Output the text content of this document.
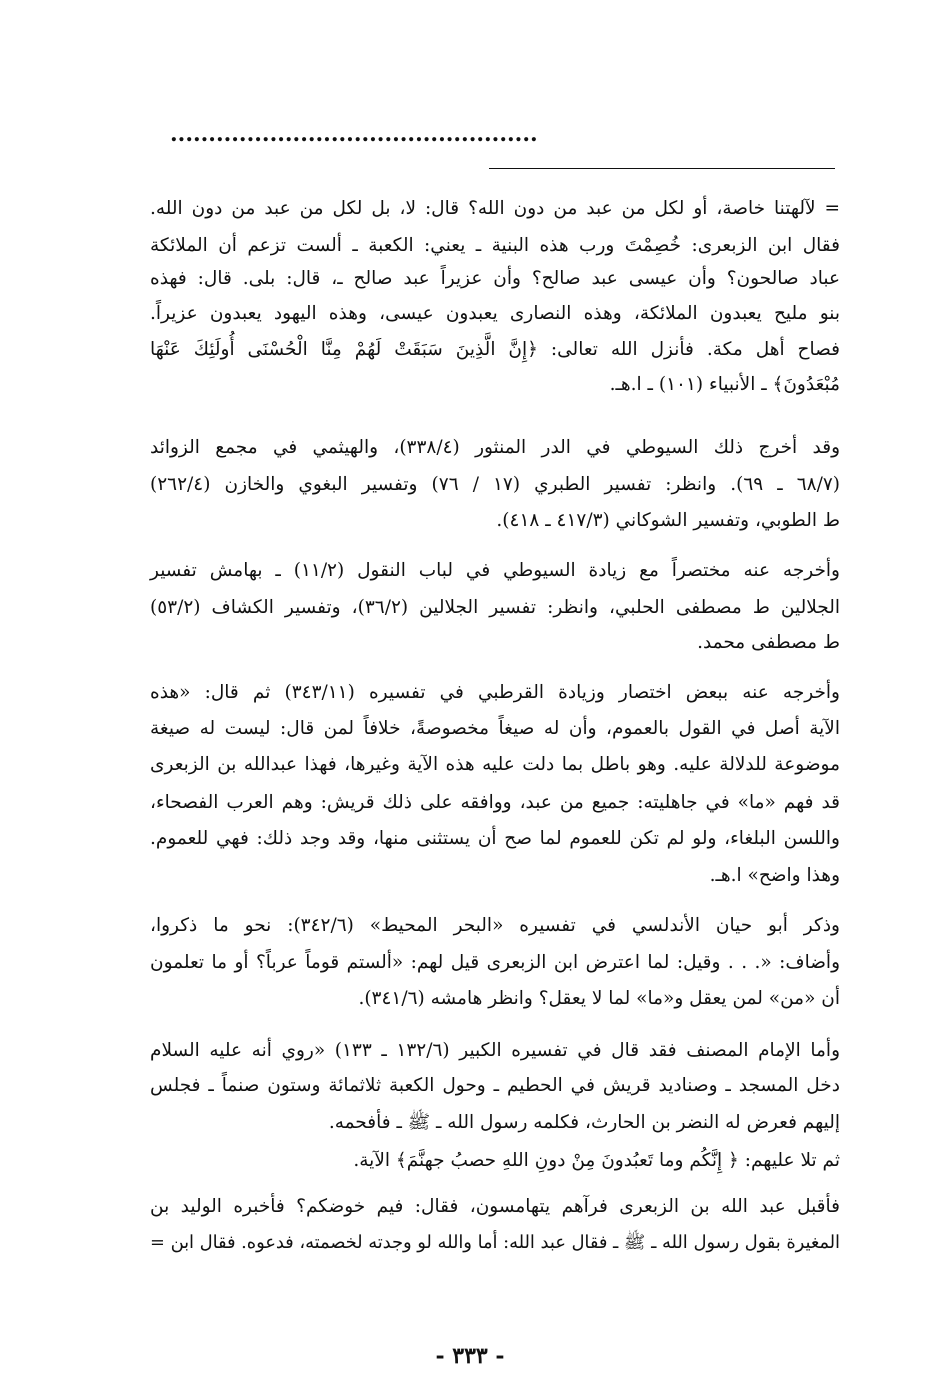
................................................
= لآلهتنا خاصة، أو لكل من عبد من دون الله؟ قال: لا، بل لكل من عبد من دون الله.
فقال ابن الزبعرى: خُصِمْتَ ورب هذه البنية ـ يعني: الكعبة ـ ألست تزعم أن الملائكة
عباد صالحون؟ وأن عيسى عبد صالح؟ وأن عزيراً عبد صالح ـ، قال: بلى. قال: فهذه
بنو مليح يعبدون الملائكة، وهذه النصارى يعبدون عيسى، وهذه اليهود يعبدون عزيراً.
فصاح أهل مكة. فأنزل الله تعالى: ﴿إِنَّ الَّذِينَ سَبَقَتْ لَهُمْ مِنَّا الْحُسْنَى أُولَئِكَ عَنْهَا
مُبْعَدُونَ﴾ ـ الأنبياء (١٠١) ـ ا.هـ.
وقد أخرج ذلك السيوطي في الدر المنثور (٣٣٨/٤)، والهيثمي في مجمع الزوائد
(٦٨/٧ ـ ٦٩). وانظر: تفسير الطبري (١٧ / ٧٦) وتفسير البغوي والخازن (٢٦٢/٤)
ط الطوبي، وتفسير الشوكاني (٤١٧/٣ ـ ٤١٨).
وأخرجه عنه مختصراً مع زيادة السيوطي في لباب النقول (١١/٢) ـ بهامش تفسير
الجلالين ط مصطفى الحلبي، وانظر: تفسير الجلالين (٣٦/٢)، وتفسير الكشاف (٥٣/٢)
ط مصطفى محمد.
وأخرجه عنه ببعض اختصار وزيادة القرطبي في تفسيره (٣٤٣/١١) ثم قال: «هذه
الآية أصل في القول بالعموم، وأن له صيغاً مخصوصةً، خلافاً لمن قال: ليست له صيغة
موضوعة للدلالة عليه. وهو باطل بما دلت عليه هذه الآية وغيرها، فهذا عبدالله بن الزبعرى
قد فهم «ما» في جاهليته: جميع من عبد، ووافقه على ذلك قريش: وهم العرب الفصحاء،
واللسن البلغاء، ولو لم تكن للعموم لما صح أن يستثنى منها، وقد وجد ذلك: فهي للعموم.
وهذا واضح» ا.هـ.
وذكر أبو حيان الأندلسي في تفسيره «البحر المحيط» (٣٤٢/٦): نحو ما ذكروا،
وأضاف: «. . . وقيل: لما اعترض ابن الزبعرى قيل لهم: «ألستم قوماً عرباً؟ أو ما تعلمون
أن «من» لمن يعقل و«ما» لما لا يعقل؟ وانظر هامشه (٣٤١/٦).
وأما الإمام المصنف فقد قال في تفسيره الكبير (١٣٢/٦ ـ ١٣٣) «روي أنه عليه السلام
دخل المسجد ـ وصناديد قريش في الحطيم ـ وحول الكعبة ثلاثمائة وستون صنماً ـ فجلس
إليهم فعرض له النضر بن الحارث، فكلمه رسول الله ـ ﷺ ـ فأفحمه.
ثم تلا عليهم: ﴿ إِنَّكُم وما تَعبُدونَ مِنْ دونِ اللهِ حصبُ جهنَّمَ﴾ الآية.
فأقبل عبد الله بن الزبعرى فرآهم يتهامسون، فقال: فيم خوضكم؟ فأخبره الوليد بن
المغيرة بقول رسول الله ـ ﷺ ـ فقال عبد الله: أما والله لو وجدته لخصمته، فدعوه. فقال ابن =
- ٣٣٣ -
